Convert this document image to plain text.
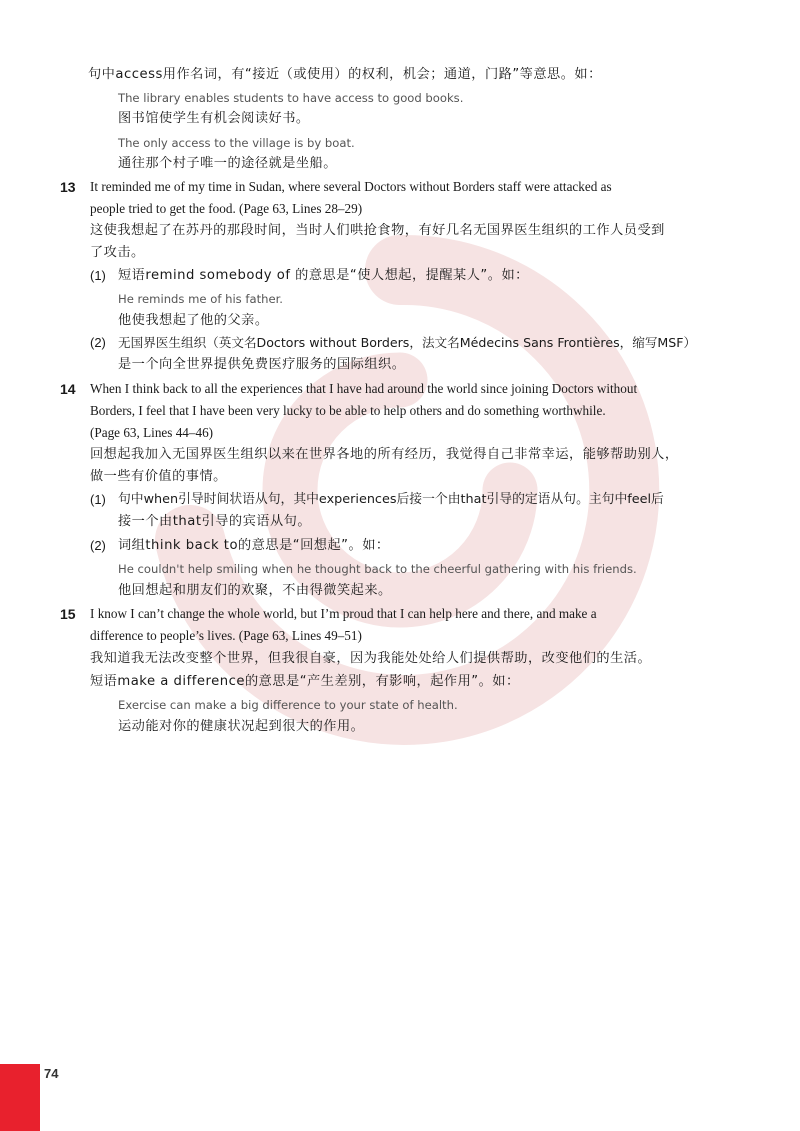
句中access用作名词，有“接近（或使用）的权利，机会；通道，门路”等意思。如：
The library enables students to have access to good books.
图书馆使学生有机会阅读好书。
The only access to the village is by boat.
通往那个村子唯一的途径就是坐船。
13 It reminded me of my time in Sudan, where several Doctors without Borders staff were attacked as
people tried to get the food. (Page 63, Lines 28–29)
这使我想起了在苏丹的那段时间，当时人们哄抢食物，有好几名无国界医生组织的工作人员受到
了攻击。
(1) 短语remind somebody of 的意思是“使人想起，提醒某人”。如：
He reminds me of his father.
他使我想起了他的父亲。
(2) 无国界医生组织（英文名Doctors without Borders，法文名Médecins Sans Frontières，缩写MSF）
是一个向全世界提供免费医疗服务的国际组织。
14 When I think back to all the experiences that I have had around the world since joining Doctors without
Borders, I feel that I have been very lucky to be able to help others and do something worthwhile.
(Page 63, Lines 44–46)
回想起我加入无国界医生组织以来在世界各地的所有经历，我觉得自己非常幸运，能够帮助别人，
做一些有价值的事情。
(1) 句中when引导时间状语从句，其中experiences后接一个由that引导的定语从句。主句中feel后
接一个由that引导的宾语从句。
(2) 词组think back to的意思是“回想起”。如：
He couldn't help smiling when he thought back to the cheerful gathering with his friends.
他回想起和朋友们的欢聚，不由得微笑起来。
15 I know I can’t change the whole world, but I’m proud that I can help here and there, and make a
difference to people’s lives. (Page 63, Lines 49–51)
我知道我无法改变整个世界，但我很自豪，因为我能处处给人们提供帮助，改变他们的生活。
短语make a difference的意思是“产生差别，有影响，起作用”。如：
Exercise can make a big difference to your state of health.
运动能对你的健康状况起到很大的作用。
74
